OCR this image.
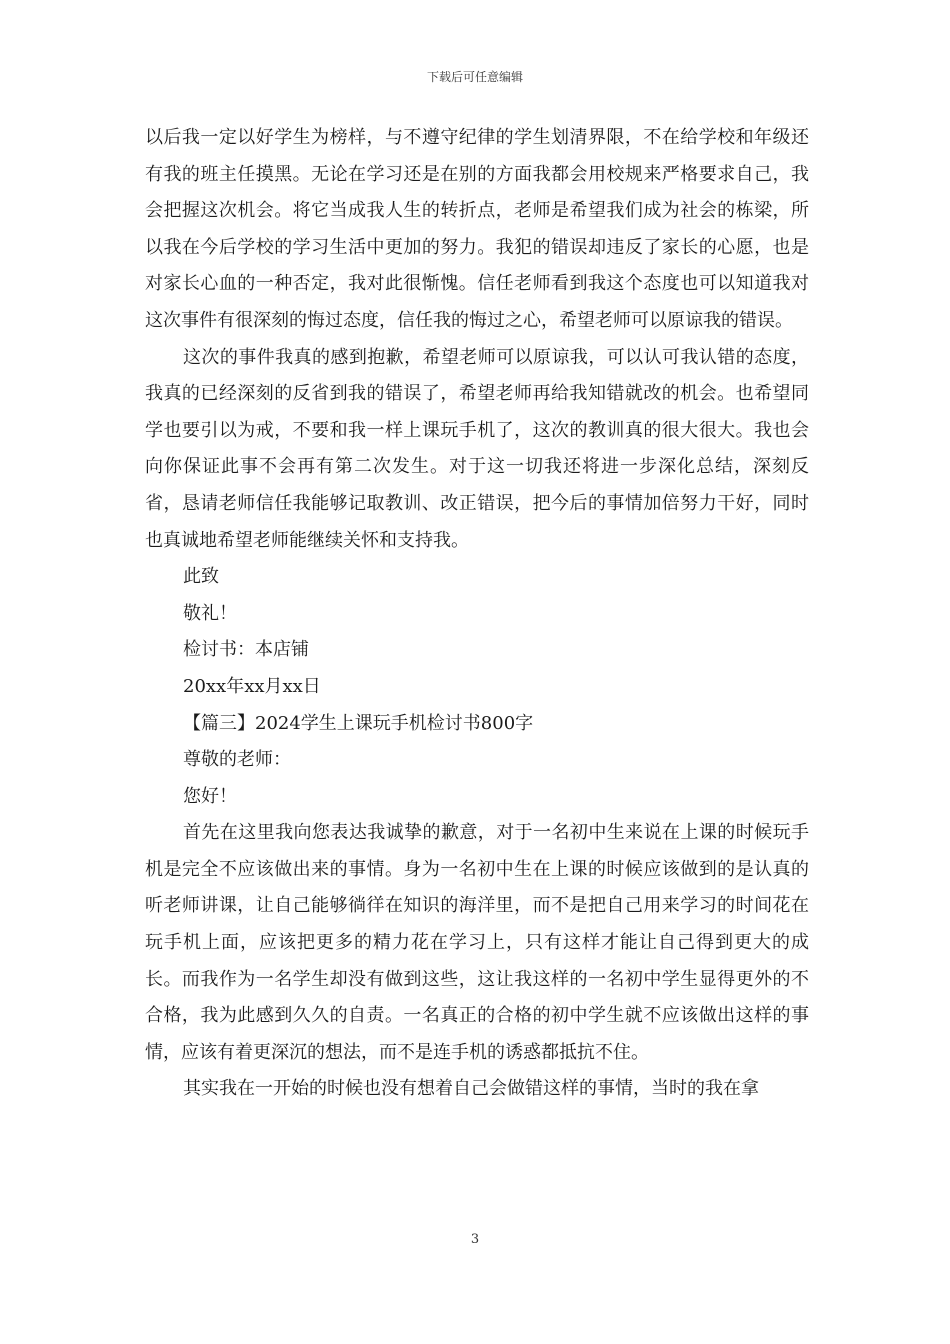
下载后可任意编辑

以后我一定以好学生为榜样，与不遵守纪律的学生划清界限，不在给学校和年级还有我的班主任摸黑。无论在学习还是在别的方面我都会用校规来严格要求自己，我会把握这次机会。将它当成我人生的转折点，老师是希望我们成为社会的栋梁，所以我在今后学校的学习生活中更加的努力。我犯的错误却违反了家长的心愿，也是对家长心血的一种否定，我对此很惭愧。信任老师看到我这个态度也可以知道我对这次事件有很深刻的悔过态度，信任我的悔过之心，希望老师可以原谅我的错误。

这次的事件我真的感到抱歉，希望老师可以原谅我，可以认可我认错的态度，我真的已经深刻的反省到我的错误了，希望老师再给我知错就改的机会。也希望同学也要引以为戒，不要和我一样上课玩手机了，这次的教训真的很大很大。我也会向你保证此事不会再有第二次发生。对于这一切我还将进一步深化总结，深刻反省，恳请老师信任我能够记取教训、改正错误，把今后的事情加倍努力干好，同时也真诚地希望老师能继续关怀和支持我。

此致

敬礼！

检讨书：本店铺

20xx年xx月xx日

【篇三】2024学生上课玩手机检讨书800字

尊敬的老师：

您好！

首先在这里我向您表达我诚挚的歉意，对于一名初中生来说在上课的时候玩手机是完全不应该做出来的事情。身为一名初中生在上课的时候应该做到的是认真的听老师讲课，让自己能够徜徉在知识的海洋里，而不是把自己用来学习的时间花在玩手机上面，应该把更多的精力花在学习上，只有这样才能让自己得到更大的成长。而我作为一名学生却没有做到这些，这让我这样的一名初中学生显得更外的不合格，我为此感到久久的自责。一名真正的合格的初中学生就不应该做出这样的事情，应该有着更深沉的想法，而不是连手机的诱惑都抵抗不住。

其实我在一开始的时候也没有想着自己会做错这样的事情，当时的我在拿

3
